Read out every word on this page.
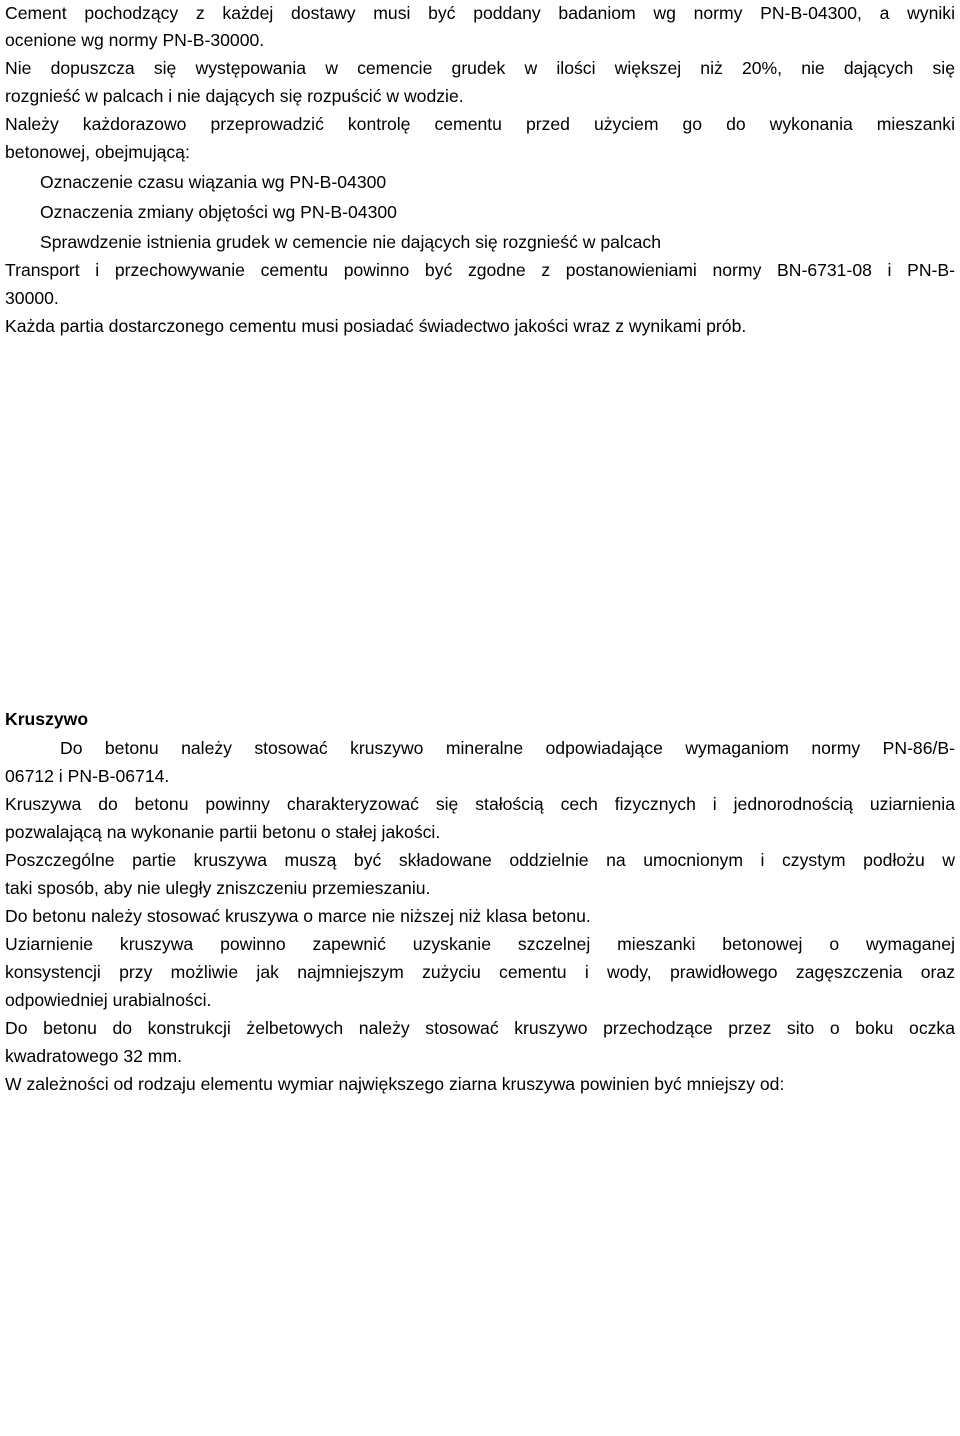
Cement pochodzący z każdej dostawy musi być poddany badaniom wg normy PN-B-04300, a wyniki
ocenione wg normy PN-B-30000.
Nie dopuszcza się występowania w cemencie grudek w ilości większej niż 20%, nie dających się
rozgnieść w palcach i nie dających się rozpuścić w wodzie.
Należy każdorazowo przeprowadzić kontrolę cementu przed użyciem go do wykonania mieszanki
betonowej, obejmującą:
Oznaczenie czasu wiązania wg PN-B-04300
Oznaczenia zmiany objętości wg PN-B-04300
Sprawdzenie istnienia grudek w cemencie nie dających się rozgnieść w palcach
Transport i przechowywanie cementu powinno być zgodne z postanowieniami normy BN-6731-08 i PN-B-
30000.
Każda partia dostarczonego cementu musi posiadać świadectwo jakości wraz z wynikami prób.
Kruszywo
Do betonu należy stosować kruszywo mineralne odpowiadające wymaganiom normy PN-86/B-
06712 i PN-B-06714.
Kruszywa do betonu powinny charakteryzować się stałością cech fizycznych i jednorodnością uziarnienia
pozwalającą na wykonanie partii betonu o stałej jakości.
Poszczególne partie kruszywa muszą być składowane oddzielnie na umocnionym i czystym podłożu w
taki sposób, aby nie uległy zniszczeniu przemieszaniu.
Do betonu należy stosować kruszywa o marce nie niższej niż klasa betonu.
Uziarnienie kruszywa powinno zapewnić uzyskanie szczelnej mieszanki betonowej o wymaganej
konsystencji przy możliwie jak najmniejszym zużyciu cementu i wody, prawidłowego zagęszczenia oraz
odpowiedniej urabialności.
Do betonu do konstrukcji żelbetowych należy stosować kruszywo przechodzące przez sito o boku oczka
kwadratowego 32 mm.
W zależności od rodzaju elementu wymiar największego ziarna kruszywa powinien być mniejszy od:
